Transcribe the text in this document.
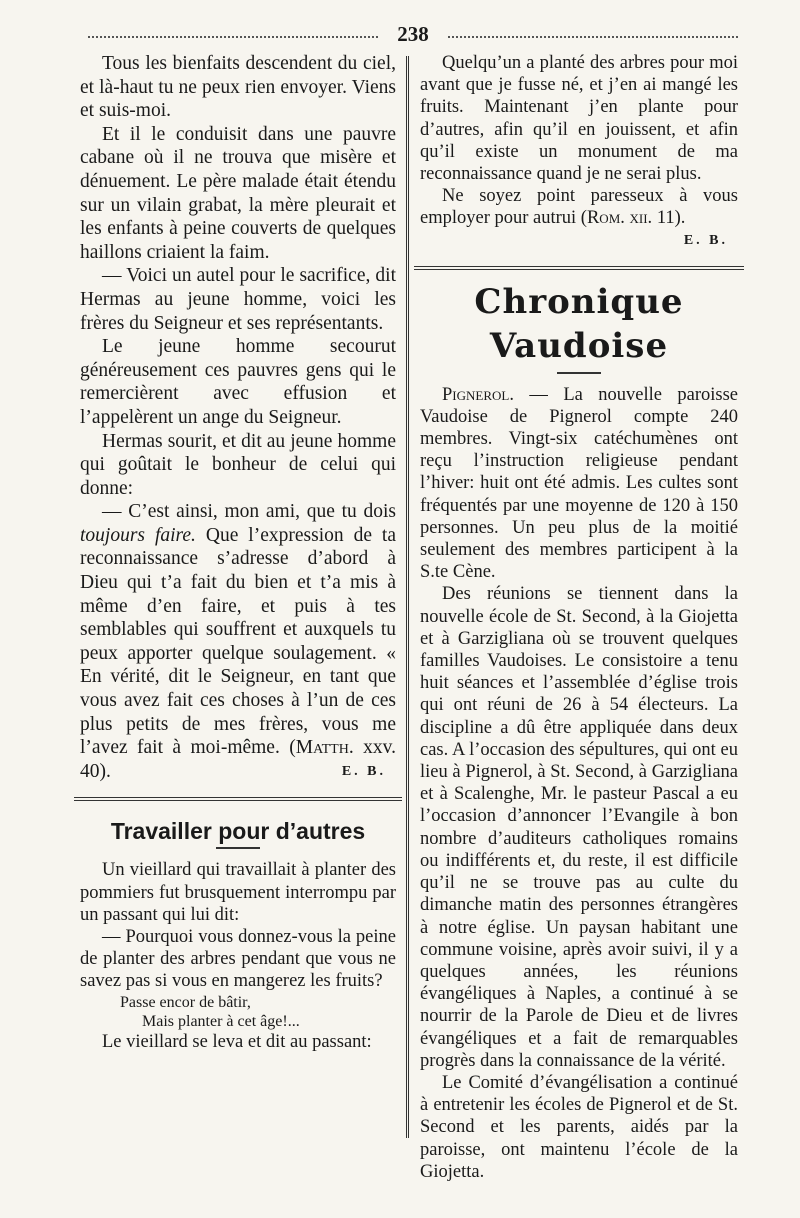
238

Tous les bienfaits descendent du ciel, et là-haut tu ne peux rien envoyer. Viens et suis-moi.

Et il le conduisit dans une pauvre cabane où il ne trouva que misère et dénuement. Le père malade était étendu sur un vilain grabat, la mère pleurait et les enfants à peine couverts de quelques haillons criaient la faim.

— Voici un autel pour le sacrifice, dit Hermas au jeune homme, voici les frères du Seigneur et ses représentants.

Le jeune homme secourut généreusement ces pauvres gens qui le remercièrent avec effusion et l’appelèrent un ange du Seigneur.

Hermas sourit, et dit au jeune homme qui goûtait le bonheur de celui qui donne:

— C’est ainsi, mon ami, que tu dois toujours faire. Que l’expression de ta reconnaissance s’adresse d’abord à Dieu qui t’a fait du bien et t’a mis à même d’en faire, et puis à tes semblables qui souffrent et auxquels tu peux apporter quelque soulagement. « En vérité, dit le Seigneur, en tant que vous avez fait ces choses à l’un de ces plus petits de mes frères, vous me l’avez fait à moi-même. (Matth. xxv. 40).	E. B.

Travailler pour d’autres

Un vieillard qui travaillait à planter des pommiers fut brusquement interrompu par un passant qui lui dit:

— Pourquoi vous donnez-vous la peine de planter des arbres pendant que vous ne savez pas si vous en mangerez les fruits?

Passe encor de bâtir,
Mais planter à cet âge!...

Le vieillard se leva et dit au passant:

Quelqu’un a planté des arbres pour moi avant que je fusse né, et j’en ai mangé les fruits. Maintenant j’en plante pour d’autres, afin qu’il en jouissent, et afin qu’il existe un monument de ma reconnaissance quand je ne serai plus.

Ne soyez point paresseux à vous employer pour autrui (Rom. xii. 11).

E. B.
Chronique Vaudoise

Pignerol. — La nouvelle paroisse Vaudoise de Pignerol compte 240 membres. Vingt-six catéchumènes ont reçu l’instruction religieuse pendant l’hiver: huit ont été admis. Les cultes sont fréquentés par une moyenne de 120 à 150 personnes. Un peu plus de la moitié seulement des membres participent à la S.te Cène.

Des réunions se tiennent dans la nouvelle école de St. Second, à la Giojetta et à Garzigliana où se trouvent quelques familles Vaudoises. Le consistoire a tenu huit séances et l’assemblée d’église trois qui ont réuni de 26 à 54 électeurs. La discipline a dû être appliquée dans deux cas. A l’occasion des sépultures, qui ont eu lieu à Pignerol, à St. Second, à Garzigliana et à Scalenghe, Mr. le pasteur Pascal a eu l’occasion d’annoncer l’Evangile à bon nombre d’auditeurs catholiques romains ou indifférents et, du reste, il est difficile qu’il ne se trouve pas au culte du dimanche matin des personnes étrangères à notre église. Un paysan habitant une commune voisine, après avoir suivi, il y a quelques années, les réunions évangéliques à Naples, a continué à se nourrir de la Parole de Dieu et de livres évangéliques et a fait de remarquables progrès dans la connaissance de la vérité.

Le Comité d’évangélisation a continué à entretenir les écoles de Pignerol et de St. Second et les parents, aidés par la paroisse, ont maintenu l’école de la Giojetta.
